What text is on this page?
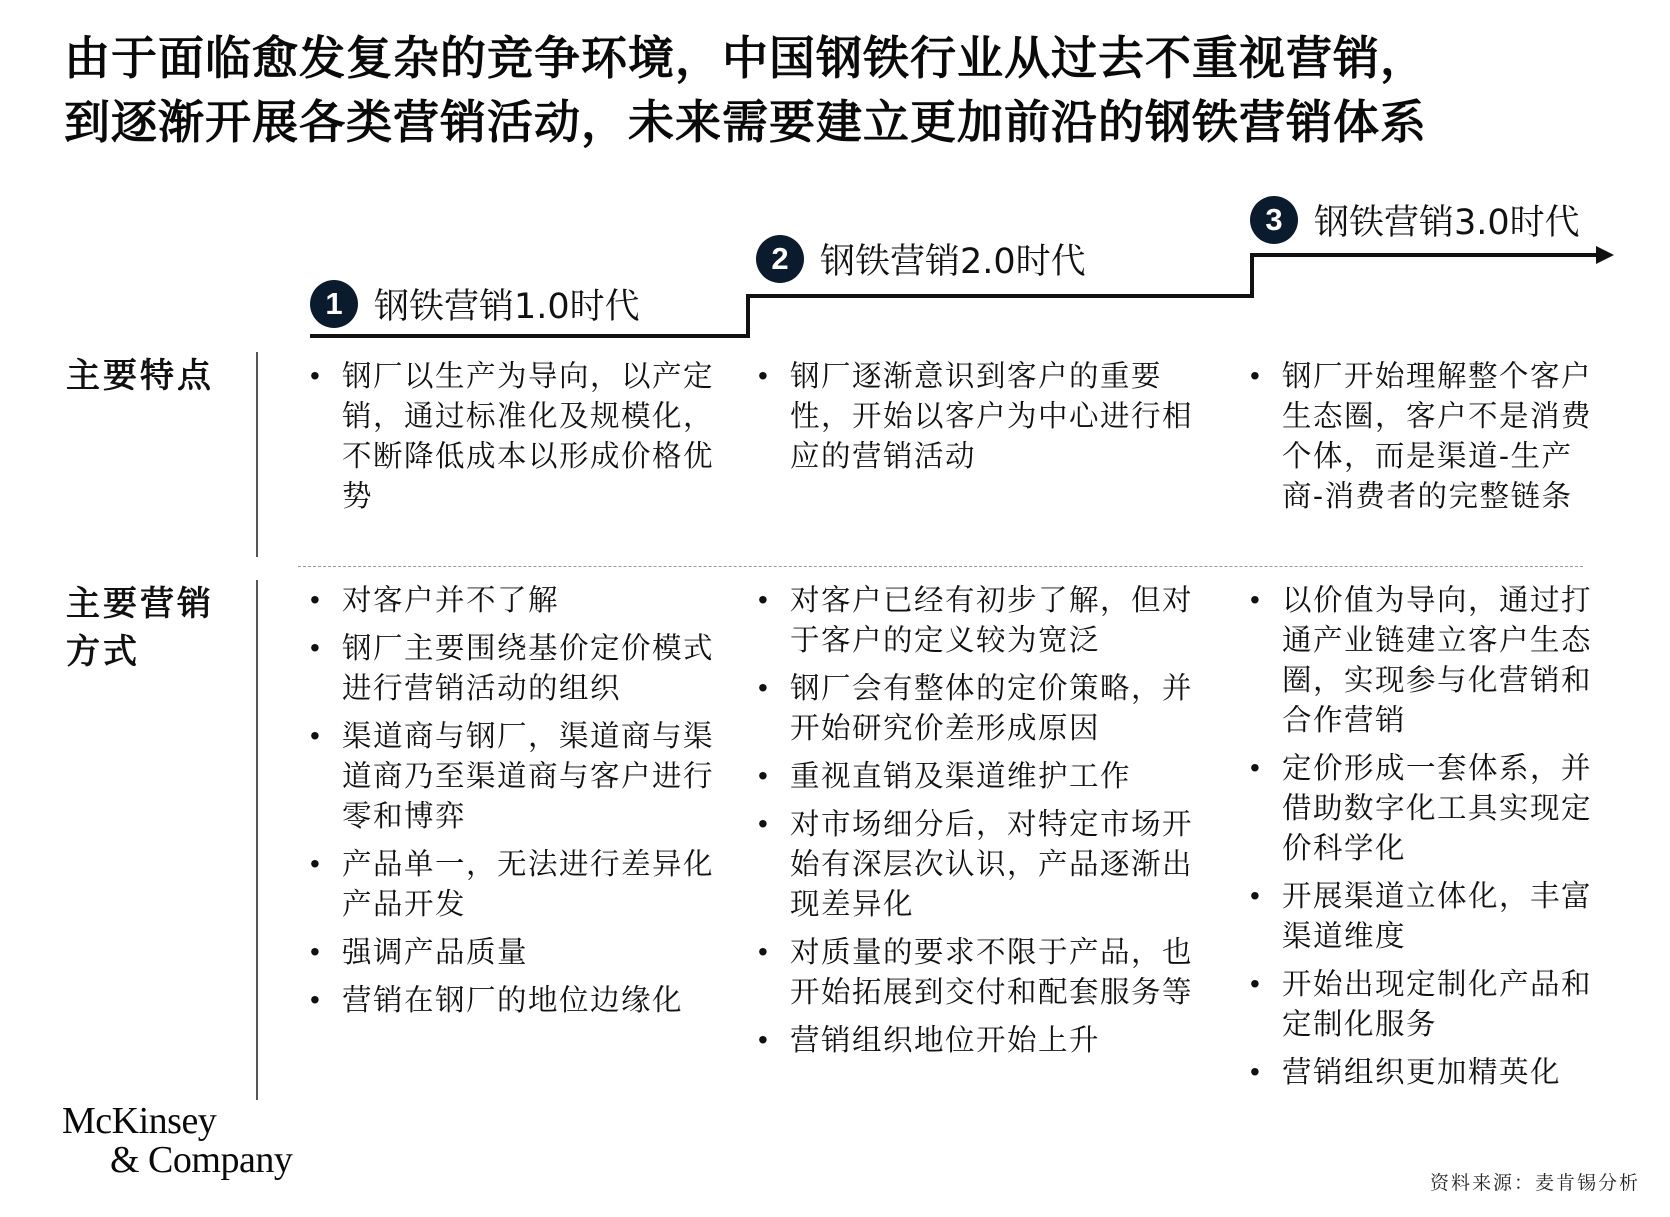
由于面临愈发复杂的竞争环境，中国钢铁行业从过去不重视营销，
到逐渐开展各类营销活动，未来需要建立更加前沿的钢铁营销体系
1 钢铁营销1.0时代
2 钢铁营销2.0时代
3 钢铁营销3.0时代
主要特点
主要营销
方式
• 钢厂以生产为导向，以产定销，通过标准化及规模化，不断降低成本以形成价格优势
• 钢厂逐渐意识到客户的重要性，开始以客户为中心进行相应的营销活动
• 钢厂开始理解整个客户生态圈，客户不是消费个体，而是渠道-生产商-消费者的完整链条
• 对客户并不了解
• 钢厂主要围绕基价定价模式进行营销活动的组织
• 渠道商与钢厂，渠道商与渠道商乃至渠道商与客户进行零和博弈
• 产品单一，无法进行差异化产品开发
• 强调产品质量
• 营销在钢厂的地位边缘化
• 对客户已经有初步了解，但对于客户的定义较为宽泛
• 钢厂会有整体的定价策略，并开始研究价差形成原因
• 重视直销及渠道维护工作
• 对市场细分后，对特定市场开始有深层次认识，产品逐渐出现差异化
• 对质量的要求不限于产品，也开始拓展到交付和配套服务等
• 营销组织地位开始上升
• 以价值为导向，通过打通产业链建立客户生态圈，实现参与化营销和合作营销
• 定价形成一套体系，并借助数字化工具实现定价科学化
• 开展渠道立体化，丰富渠道维度
• 开始出现定制化产品和定制化服务
• 营销组织更加精英化
McKinsey
& Company
资料来源：麦肯锡分析
